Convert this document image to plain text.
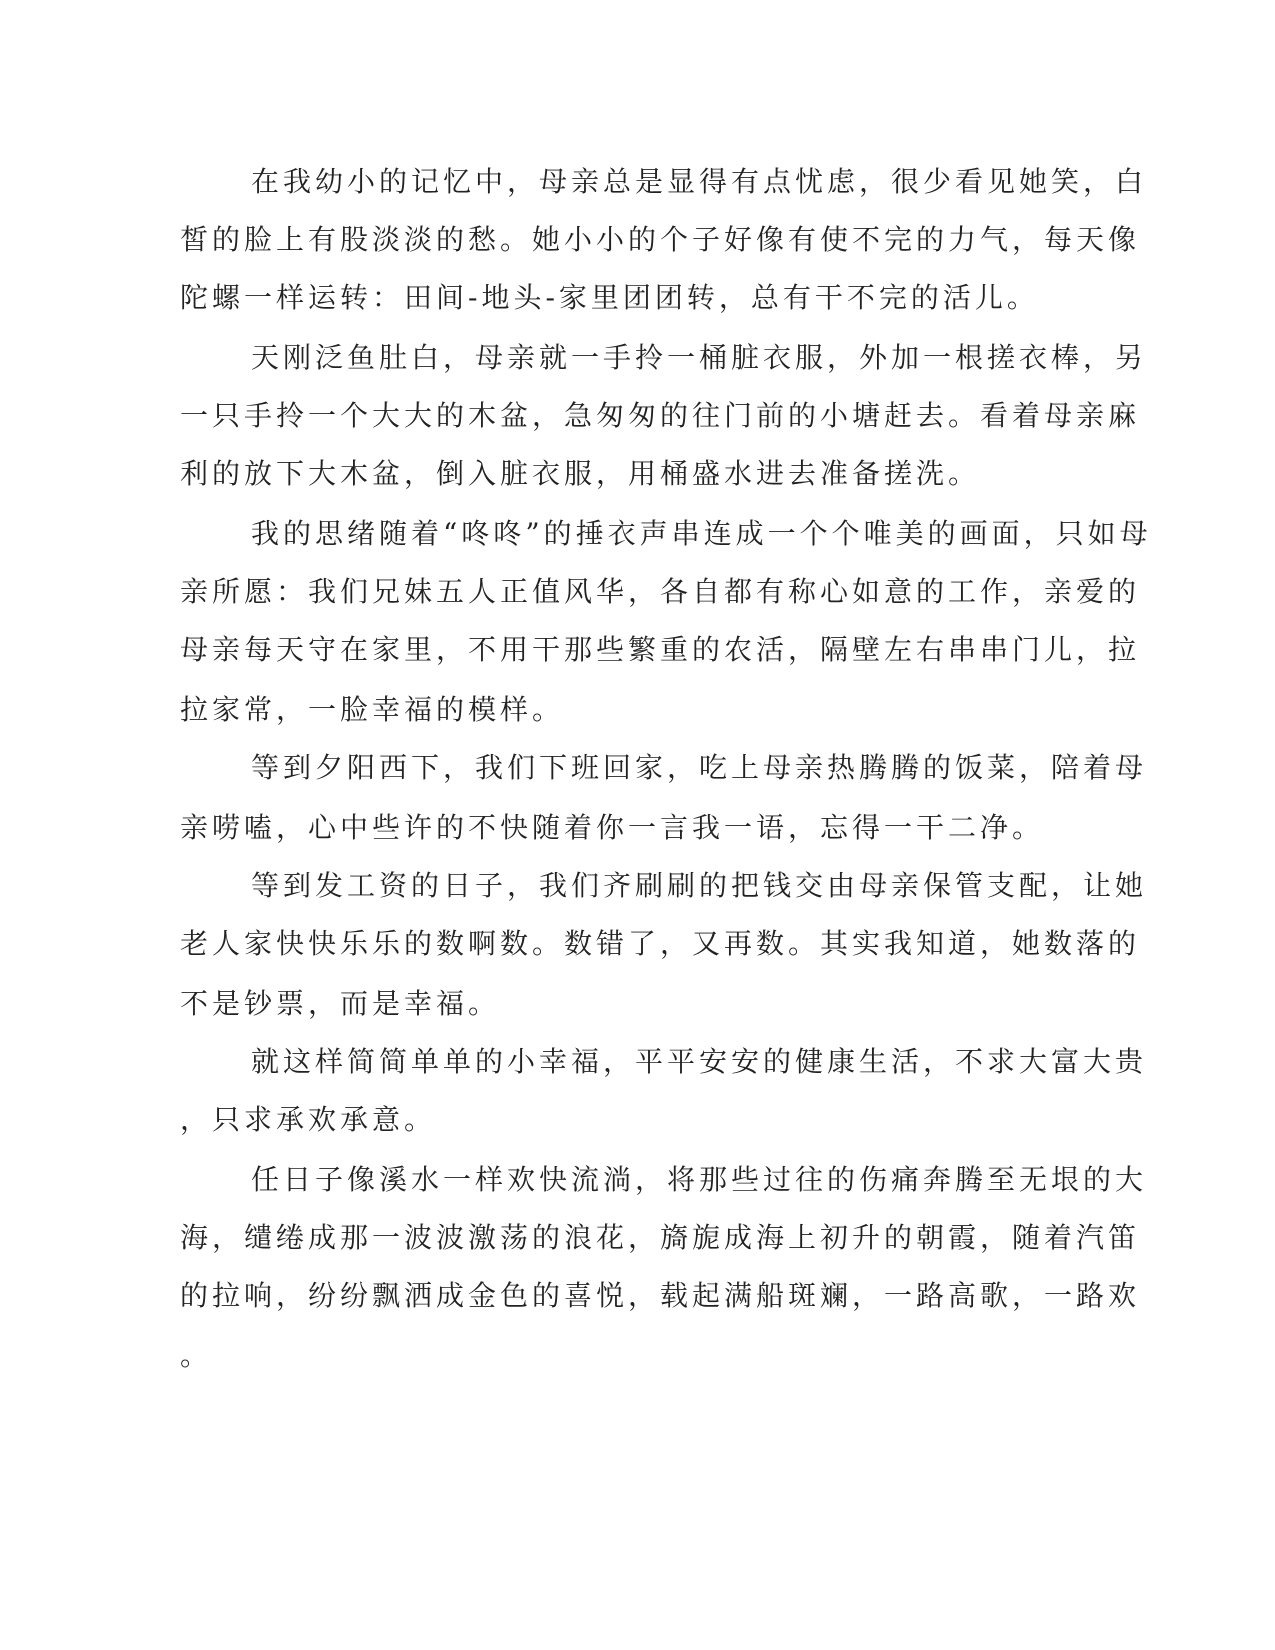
在我幼小的记忆中，母亲总是显得有点忧虑，很少看见她笑，白
皙的脸上有股淡淡的愁。她小小的个子好像有使不完的力气，每天像
陀螺一样运转：田间-地头-家里团团转，总有干不完的活儿。
天刚泛鱼肚白，母亲就一手拎一桶脏衣服，外加一根搓衣棒，另
一只手拎一个大大的木盆，急匆匆的往门前的小塘赶去。看着母亲麻
利的放下大木盆，倒入脏衣服，用桶盛水进去准备搓洗。
我的思绪随着“咚咚”的捶衣声串连成一个个唯美的画面，只如母
亲所愿：我们兄妹五人正值风华，各自都有称心如意的工作，亲爱的
母亲每天守在家里，不用干那些繁重的农活，隔壁左右串串门儿，拉
拉家常，一脸幸福的模样。
等到夕阳西下，我们下班回家，吃上母亲热腾腾的饭菜，陪着母
亲唠嗑，心中些许的不快随着你一言我一语，忘得一干二净。
等到发工资的日子，我们齐刷刷的把钱交由母亲保管支配，让她
老人家快快乐乐的数啊数。数错了，又再数。其实我知道，她数落的
不是钞票，而是幸福。
就这样简简单单的小幸福，平平安安的健康生活，不求大富大贵
，只求承欢承意。
任日子像溪水一样欢快流淌，将那些过往的伤痛奔腾至无垠的大
海，缱绻成那一波波激荡的浪花，旖旎成海上初升的朝霞，随着汽笛
的拉响，纷纷飘洒成金色的喜悦，载起满船斑斓，一路高歌，一路欢
。
